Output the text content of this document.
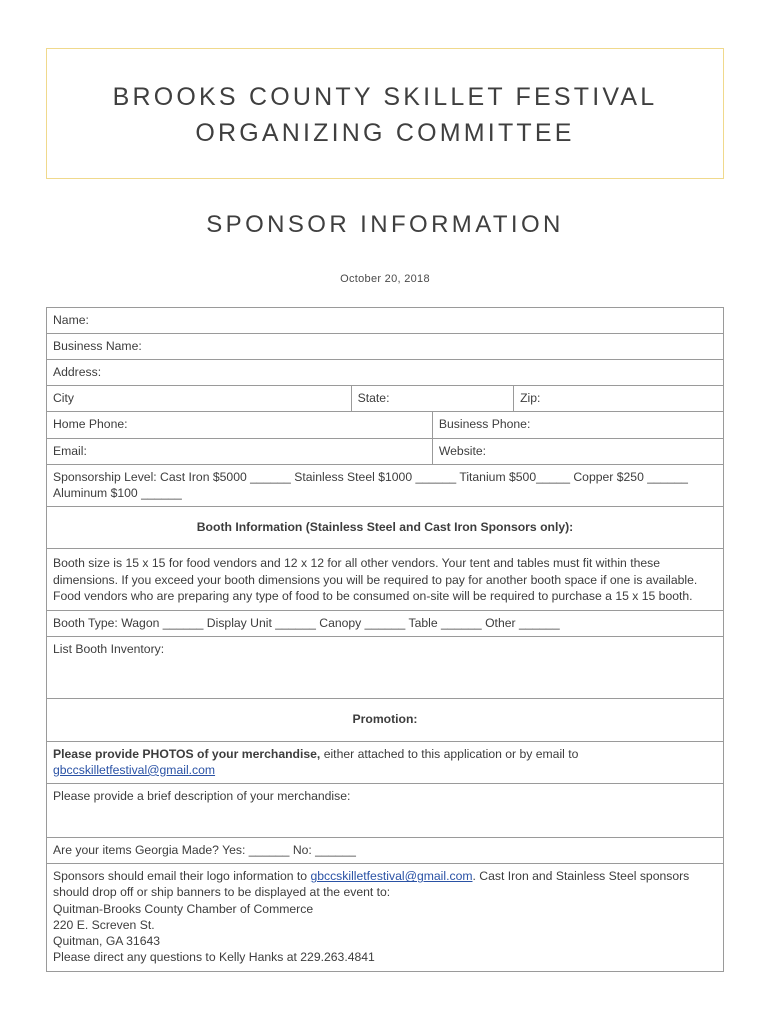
BROOKS COUNTY SKILLET FESTIVAL
ORGANIZING COMMITTEE
SPONSOR INFORMATION
October 20, 2018
Name:			
Business Name:			
Address:			
City	State:		Zip:
Home Phone:		Business Phone:	
Email:		Website:	
Sponsorship Level: Cast Iron $5000 ______ Stainless Steel $1000 ______ Titanium $500_____ Copper $250 ______ Aluminum $100 ______			
Booth Information (Stainless Steel and Cast Iron Sponsors only):			
Booth size is 15 x 15 for food vendors and 12 x 12 for all other vendors. Your tent and tables must fit within these dimensions. If you exceed your booth dimensions you will be required to pay for another booth space if one is available. Food vendors who are preparing any type of food to be consumed on-site will be required to purchase a 15 x 15 booth.			
Booth Type: Wagon ______ Display Unit ______ Canopy ______ Table ______ Other ______			
List Booth Inventory:			
Promotion:			
Please provide PHOTOS of your merchandise, either attached to this application or by email to
gbccskilletfestival@gmail.com			

Please provide a brief description of your merchandise:			
Are your items Georgia Made? Yes: ______ No: ______			
Sponsors should email their logo information to gbccskilletfestival@gmail.com. Cast Iron and Stainless Steel sponsors should drop off or ship banners to be displayed at the event to:
Quitman-Brooks County Chamber of Commerce
220 E. Screven St.
Quitman, GA 31643
Please direct any questions to Kelly Hanks at 229.263.4841			
